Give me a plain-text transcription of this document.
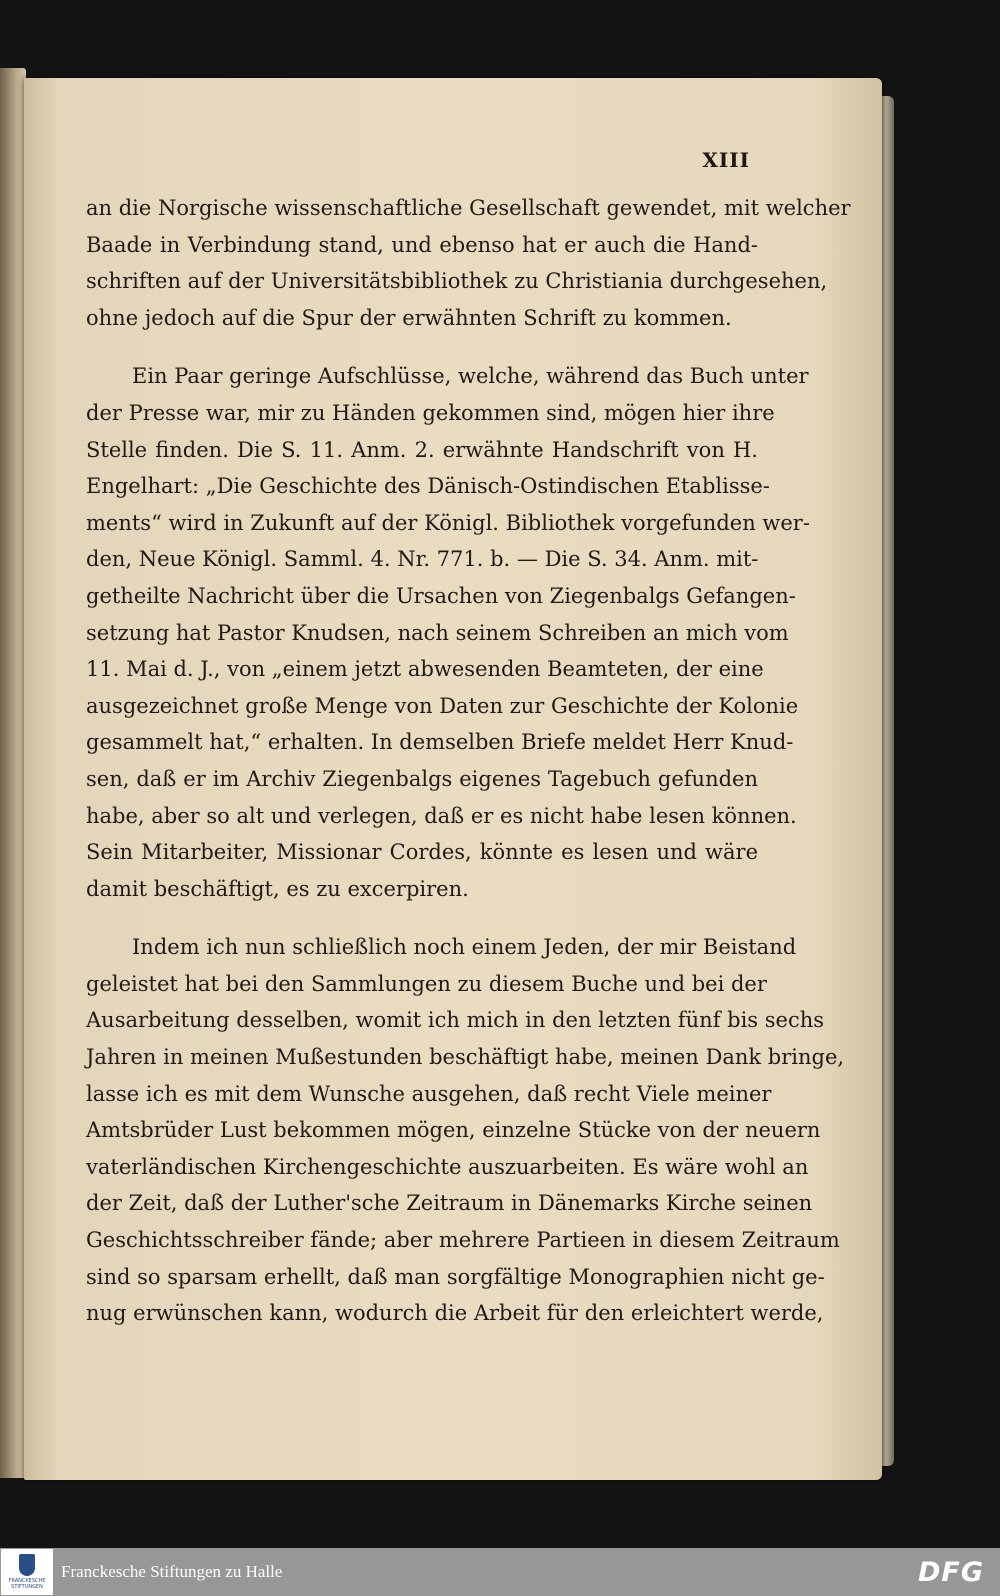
XIII
an die Norgische wissenschaftliche Gesellschaft gewendet, mit welcher
Baade in Verbindung stand, und ebenso hat er auch die Hand-
schriften auf der Universitätsbibliothek zu Christiania durchgesehen,
ohne jedoch auf die Spur der erwähnten Schrift zu kommen.
Ein Paar geringe Aufschlüsse, welche, während das Buch unter
der Presse war, mir zu Händen gekommen sind, mögen hier ihre
Stelle finden. Die S. 11. Anm. 2. erwähnte Handschrift von H.
Engelhart: „Die Geschichte des Dänisch-Ostindischen Etablisse-
ments“ wird in Zukunft auf der Königl. Bibliothek vorgefunden wer-
den, Neue Königl. Samml. 4. Nr. 771. b. — Die S. 34. Anm. mit-
getheilte Nachricht über die Ursachen von Ziegenbalgs Gefangen-
setzung hat Pastor Knudsen, nach seinem Schreiben an mich vom
11. Mai d. J., von „einem jetzt abwesenden Beamteten, der eine
ausgezeichnet große Menge von Daten zur Geschichte der Kolonie
gesammelt hat,“ erhalten. In demselben Briefe meldet Herr Knud-
sen, daß er im Archiv Ziegenbalgs eigenes Tagebuch gefunden
habe, aber so alt und verlegen, daß er es nicht habe lesen können.
Sein Mitarbeiter, Missionar Cordes, könnte es lesen und wäre
damit beschäftigt, es zu excerpiren.
Indem ich nun schließlich noch einem Jeden, der mir Beistand
geleistet hat bei den Sammlungen zu diesem Buche und bei der
Ausarbeitung desselben, womit ich mich in den letzten fünf bis sechs
Jahren in meinen Mußestunden beschäftigt habe, meinen Dank bringe,
lasse ich es mit dem Wunsche ausgehen, daß recht Viele meiner
Amtsbrüder Lust bekommen mögen, einzelne Stücke von der neuern
vaterländischen Kirchengeschichte auszuarbeiten. Es wäre wohl an
der Zeit, daß der Luther'sche Zeitraum in Dänemarks Kirche seinen
Geschichtsschreiber fände; aber mehrere Partieen in diesem Zeitraum
sind so sparsam erhellt, daß man sorgfältige Monographien nicht ge-
nug erwünschen kann, wodurch die Arbeit für den erleichtert werde,
FRANCKESCHE STIFTUNGEN
Franckesche Stiftungen zu Halle	DFG
